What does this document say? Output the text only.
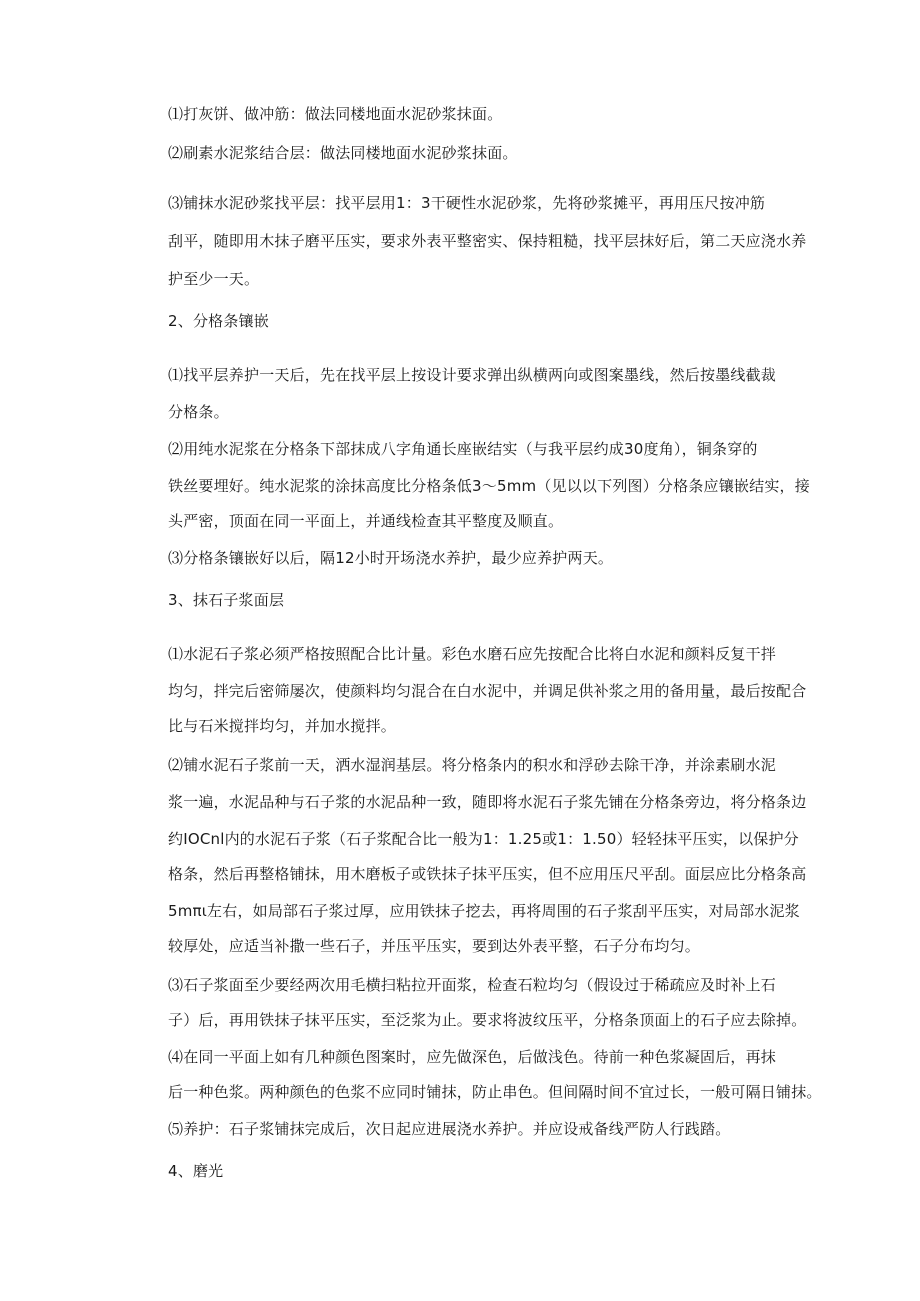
⑴打灰饼、做冲筋：做法同楼地面水泥砂浆抹面。
⑵刷素水泥浆结合层：做法同楼地面水泥砂浆抹面。
⑶铺抹水泥砂浆找平层：找平层用1：3干硬性水泥砂浆，先将砂浆摊平，再用压尺按冲筋
刮平，随即用木抹子磨平压实，要求外表平整密实、保持粗糙，找平层抹好后，第二天应浇水养
护至少一天。
2、分格条镶嵌
⑴找平层养护一天后，先在找平层上按设计要求弹出纵横两向或图案墨线，然后按墨线截裁
分格条。
⑵用纯水泥浆在分格条下部抹成八字角通长座嵌结实（与我平层约成30度角），铜条穿的
铁丝要埋好。纯水泥浆的涂抹高度比分格条低3～5mm（见以以下列图）分格条应镶嵌结实，接
头严密，顶面在同一平面上，并通线检查其平整度及顺直。
⑶分格条镶嵌好以后，隔12小时开场浇水养护，最少应养护两天。
3、抹石子浆面层
⑴水泥石子浆必须严格按照配合比计量。彩色水磨石应先按配合比将白水泥和颜料反复干拌
均匀，拌完后密筛屡次，使颜料均匀混合在白水泥中，并调足供补浆之用的备用量，最后按配合
比与石米搅拌均匀，并加水搅拌。
⑵铺水泥石子浆前一天，洒水湿润基层。将分格条内的积水和浮砂去除干净，并涂素刷水泥
浆一遍，水泥品种与石子浆的水泥品种一致，随即将水泥石子浆先铺在分格条旁边，将分格条边
约IOCnl内的水泥石子浆（石子浆配合比一般为1：1.25或1：1.50）轻轻抹平压实，以保护分
格条，然后再整格铺抹，用木磨板子或铁抹子抹平压实，但不应用压尺平刮。面层应比分格条高
5mπι左右，如局部石子浆过厚，应用铁抹子挖去，再将周围的石子浆刮平压实，对局部水泥浆
较厚处，应适当补撒一些石子，并压平压实，要到达外表平整，石子分布均匀。
⑶石子浆面至少要经两次用毛横扫粘拉开面浆，检查石粒均匀（假设过于稀疏应及时补上石
子）后，再用铁抹子抹平压实，至泛浆为止。要求将波纹压平，分格条顶面上的石子应去除掉。
⑷在同一平面上如有几种颜色图案时，应先做深色，后做浅色。待前一种色浆凝固后，再抹
后一种色浆。两种颜色的色浆不应同时铺抹，防止串色。但间隔时间不宜过长，一般可隔日铺抹。
⑸养护：石子浆铺抹完成后，次日起应进展浇水养护。并应设戒备线严防人行践踏。
4、磨光
